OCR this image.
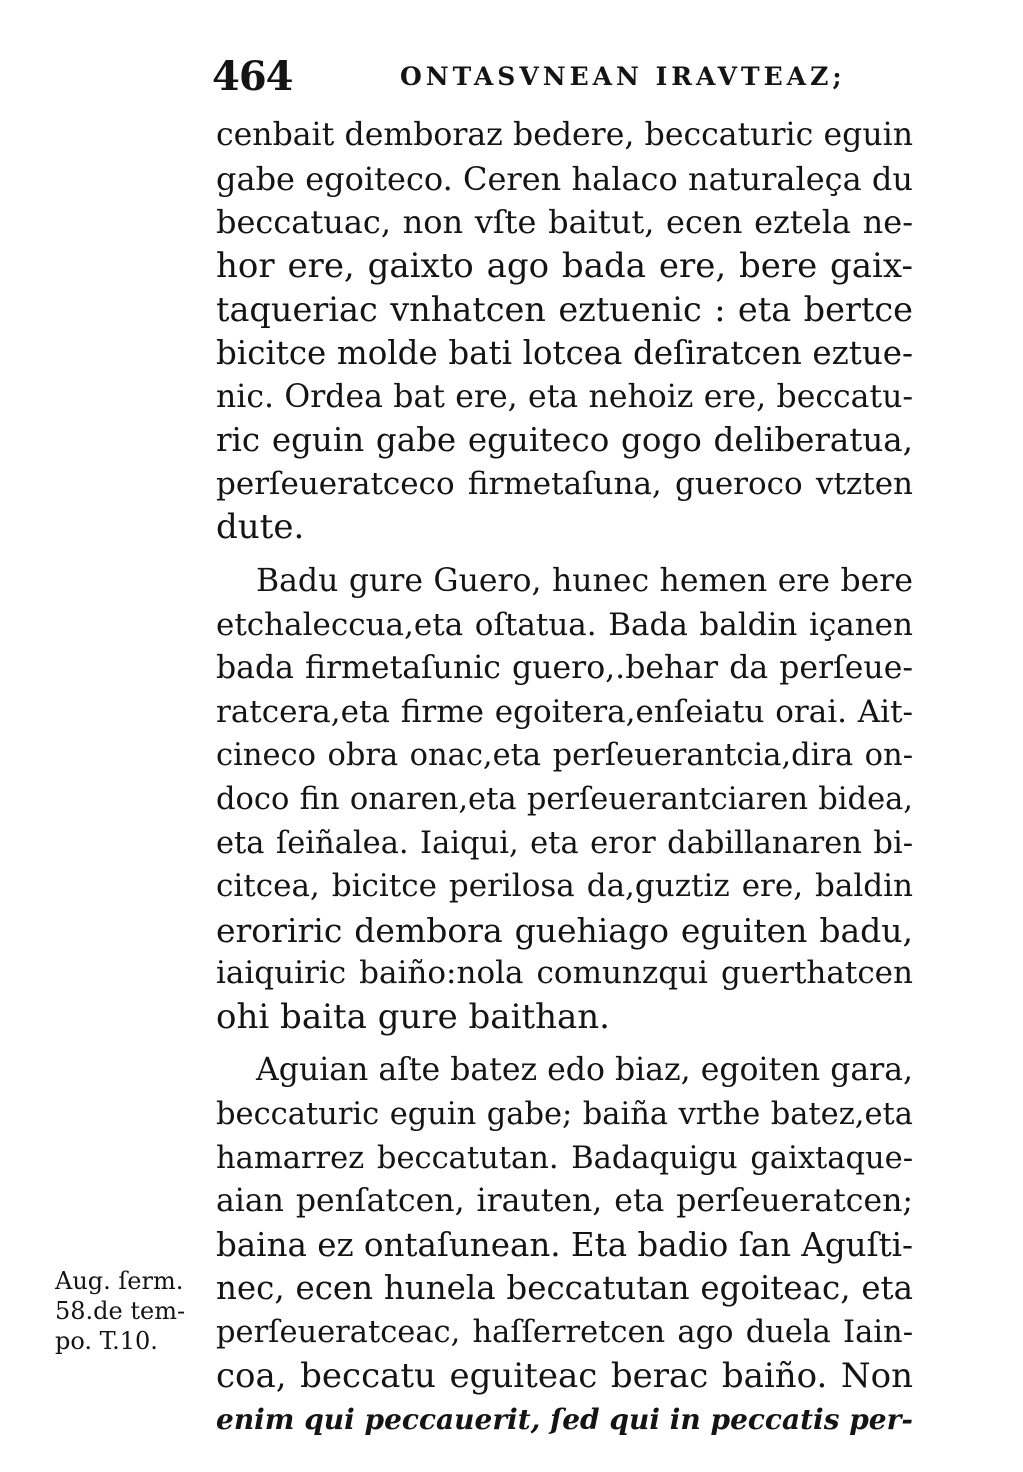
464	ONTASVNEAN IRAVTEAZ;
cenbait demboraz bedere, beccaturic eguin
gabe egoiteco. Ceren halaco naturaleça du
beccatuac, non vſte baitut, ecen eztela ne-
hor ere, gaixto ago bada ere, bere gaix-
taqueriac vnhatcen eztuenic : eta bertce
bicitce molde bati lotcea deſiratcen eztue-
nic. Ordea bat ere, eta nehoiz ere, beccatu-
ric eguin gabe eguiteco gogo deliberatua,
perſeueratceco firmetaſuna, gueroco vtzten
dute.
Badu gure Guero, hunec hemen ere bere
etchaleccua,eta oſtatua. Bada baldin içanen
bada firmetaſunic guero,.behar da perſeue-
ratcera,eta firme egoitera,enſeiatu orai. Ait-
cineco obra onac,eta perſeuerantcia,dira on-
doco fin onaren,eta perſeuerantciaren bidea,
eta ſeiñalea. Iaiqui, eta eror dabillanaren bi-
citcea, bicitce perilosa da,guztiz ere, baldin
eroriric dembora guehiago eguiten badu,
iaiquiric baiño:nola comunzqui guerthatcen
ohi baita gure baithan.
Aguian aſte batez edo biaz, egoiten gara,
beccaturic eguin gabe; baiña vrthe batez,eta
hamarrez beccatutan. Badaquigu gaixtaque-
aian penſatcen, irauten, eta perſeueratcen;
baina ez ontaſunean. Eta badio ſan Aguſti-
nec, ecen hunela beccatutan egoiteac, eta
perſeueratceac, haſſerretcen ago duela Iain-
coa, beccatu eguiteac berac baiño. Non
enim qui peccauerit, ſed qui in peccatis per-
Aug. ſerm.
58.de tem-
po. T.10.
